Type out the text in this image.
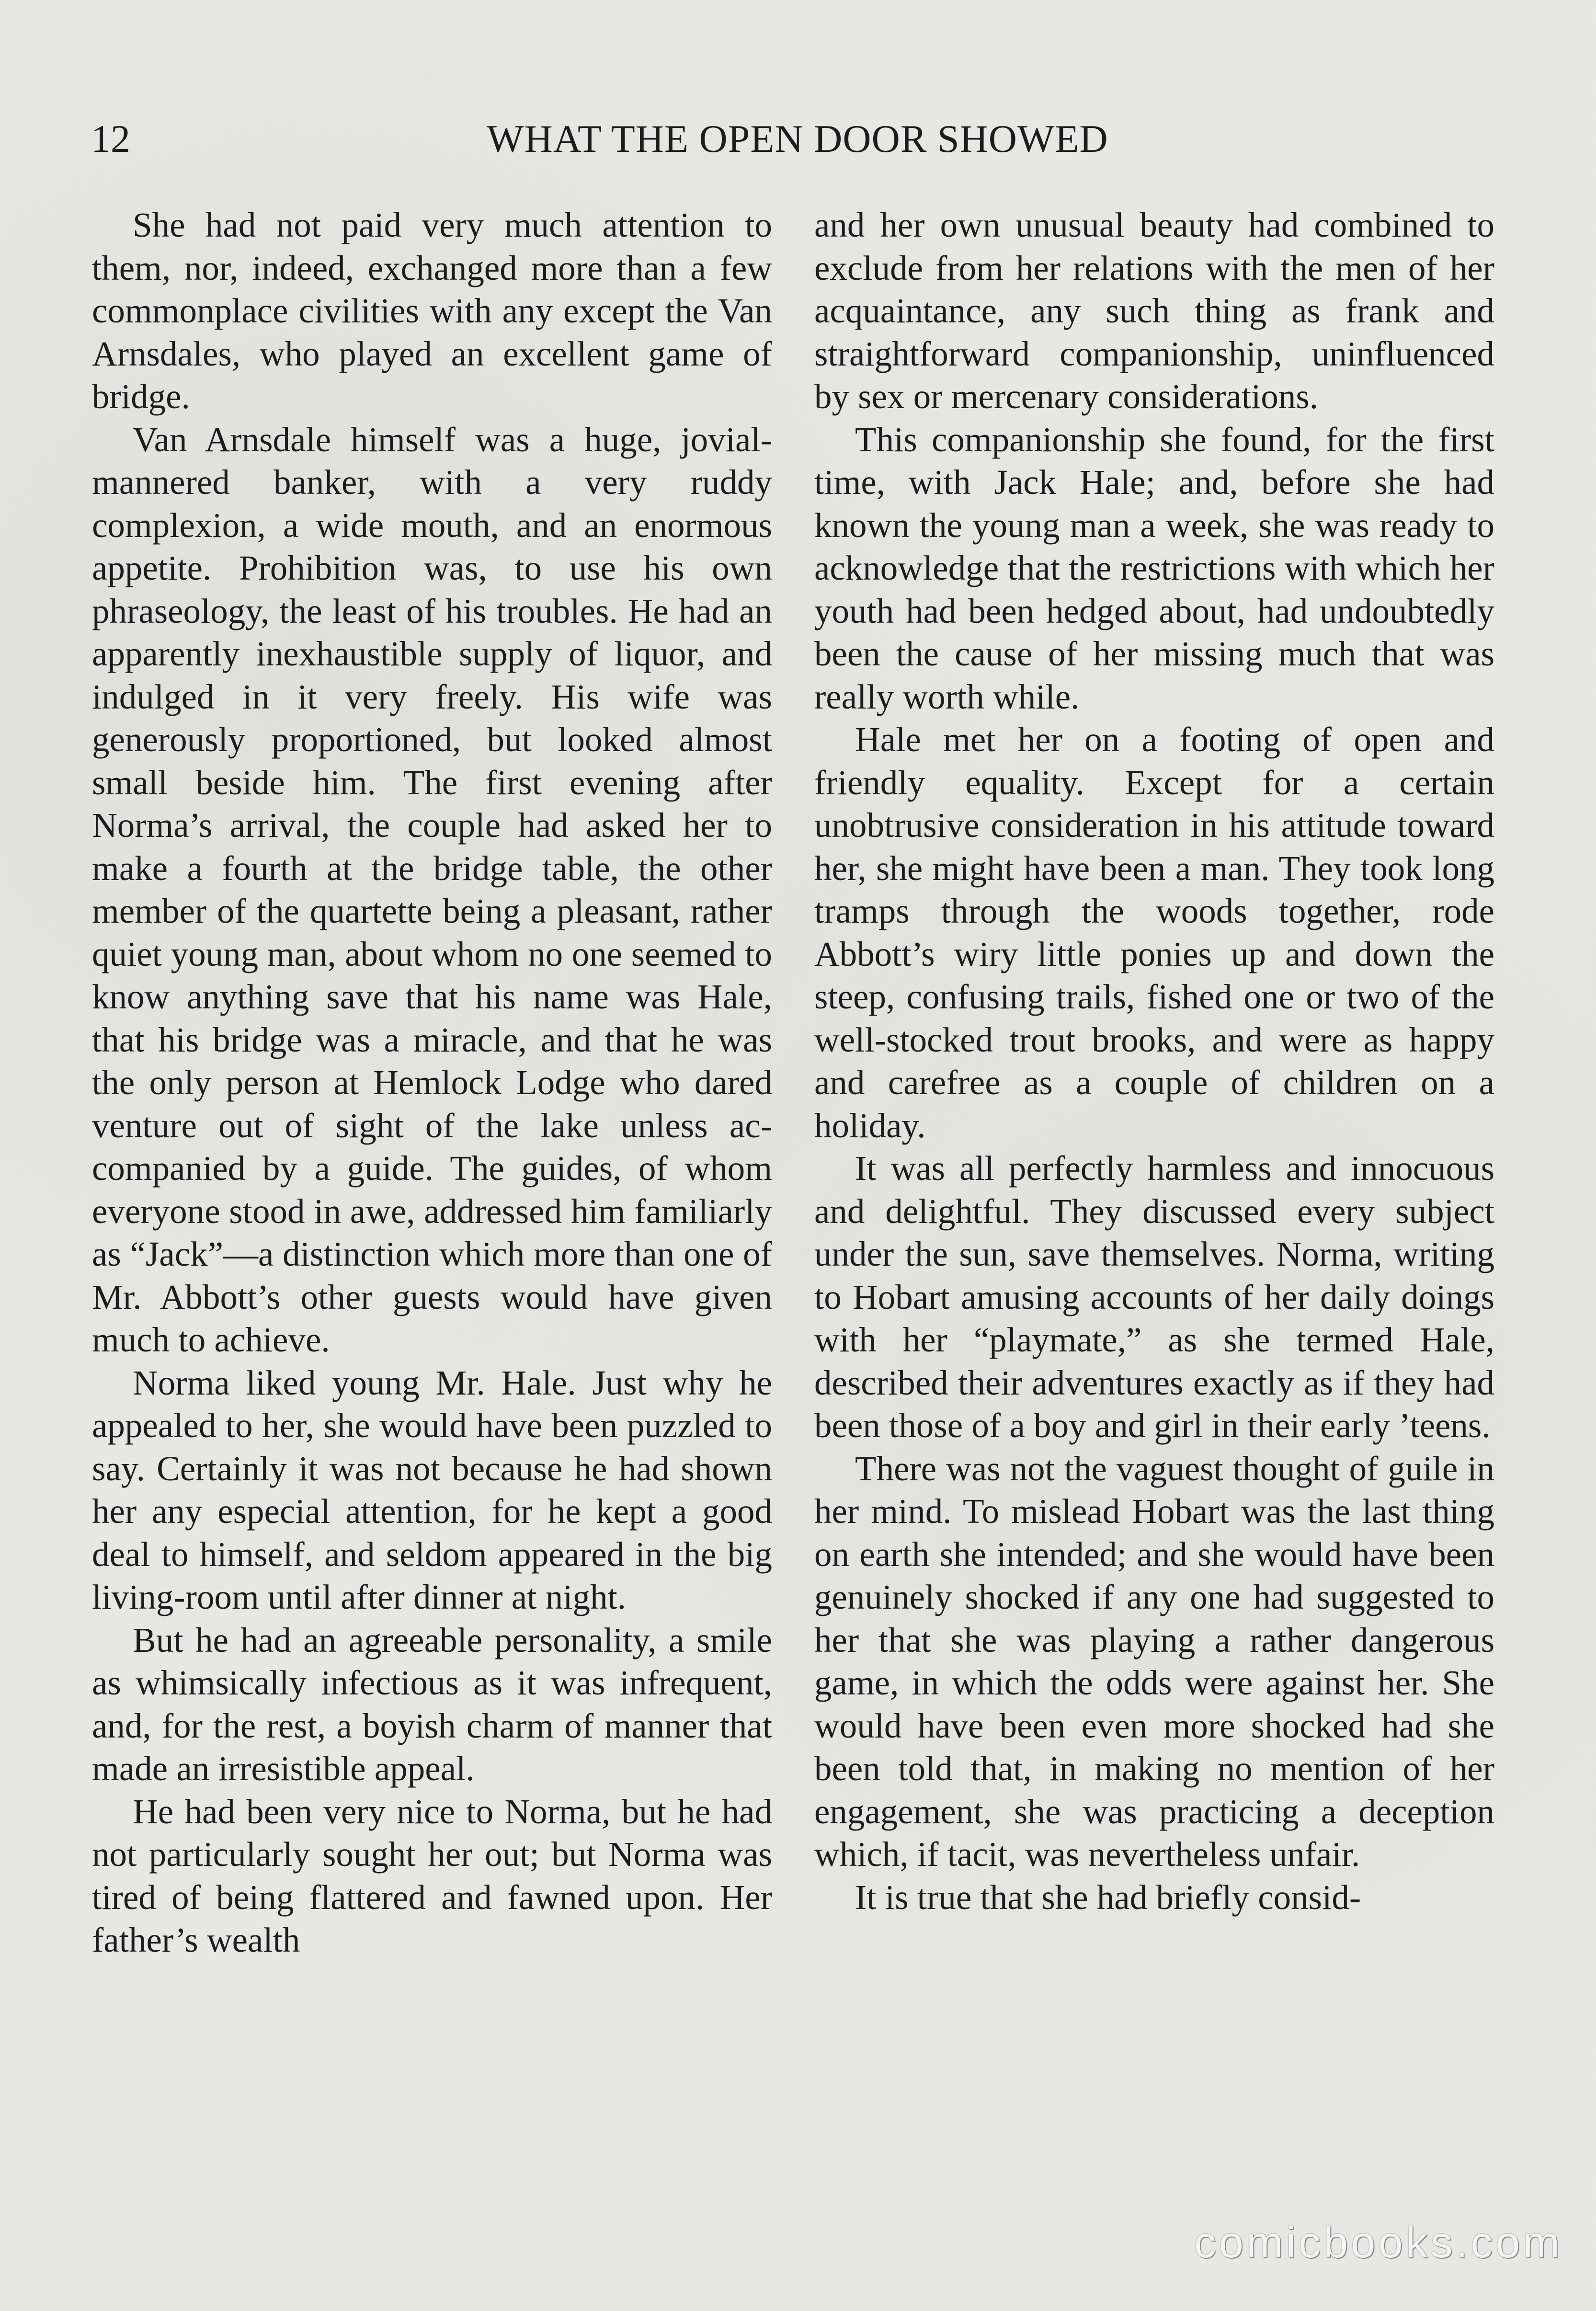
12	WHAT THE OPEN DOOR SHOWED

She had not paid very much attention to them, nor, indeed, exchanged more than a few commonplace civilities with any except the Van Arnsdales, who played an excellent game of bridge.

Van Arnsdale himself was a huge, jovial-mannered banker, with a very ruddy complexion, a wide mouth, and an enormous appetite. Prohibition was, to use his own phraseology, the least of his troubles. He had an apparently inexhaustible supply of liquor, and indulged in it very freely. His wife was generously proportioned, but looked almost small beside him. The first evening after Norma’s arrival, the couple had asked her to make a fourth at the bridge table, the other member of the quartette being a pleasant, rather quiet young man, about whom no one seemed to know anything save that his name was Hale, that his bridge was a miracle, and that he was the only person at Hemlock Lodge who dared venture out of sight of the lake unless accompanied by a guide. The guides, of whom everyone stood in awe, addressed him familiarly as “Jack”—a distinction which more than one of Mr. Abbott’s other guests would have given much to achieve.

Norma liked young Mr. Hale. Just why he appealed to her, she would have been puzzled to say. Certainly it was not because he had shown her any especial attention, for he kept a good deal to himself, and seldom appeared in the big living-room until after dinner at night.

But he had an agreeable personality, a smile as whimsically infectious as it was infrequent, and, for the rest, a boyish charm of manner that made an irresistible appeal.

He had been very nice to Norma, but he had not particularly sought her out; but Norma was tired of being flattered and fawned upon. Her father’s wealth

and her own unusual beauty had combined to exclude from her relations with the men of her acquaintance, any such thing as frank and straightforward companionship, uninfluenced by sex or mercenary considerations.

This companionship she found, for the first time, with Jack Hale; and, before she had known the young man a week, she was ready to acknowledge that the restrictions with which her youth had been hedged about, had undoubtedly been the cause of her missing much that was really worth while.

Hale met her on a footing of open and friendly equality. Except for a certain unobtrusive consideration in his attitude toward her, she might have been a man. They took long tramps through the woods together, rode Abbott’s wiry little ponies up and down the steep, confusing trails, fished one or two of the well-stocked trout brooks, and were as happy and carefree as a couple of children on a holiday.

It was all perfectly harmless and innocuous and delightful. They discussed every subject under the sun, save themselves. Norma, writing to Hobart amusing accounts of her daily doings with her “playmate,” as she termed Hale, described their adventures exactly as if they had been those of a boy and girl in their early ’teens.

There was not the vaguest thought of guile in her mind. To mislead Hobart was the last thing on earth she intended; and she would have been genuinely shocked if any one had suggested to her that she was playing a rather dangerous game, in which the odds were against her. She would have been even more shocked had she been told that, in making no mention of her engagement, she was practicing a deception which, if tacit, was nevertheless unfair.

It is true that she had briefly consid-

comicbooks.com
